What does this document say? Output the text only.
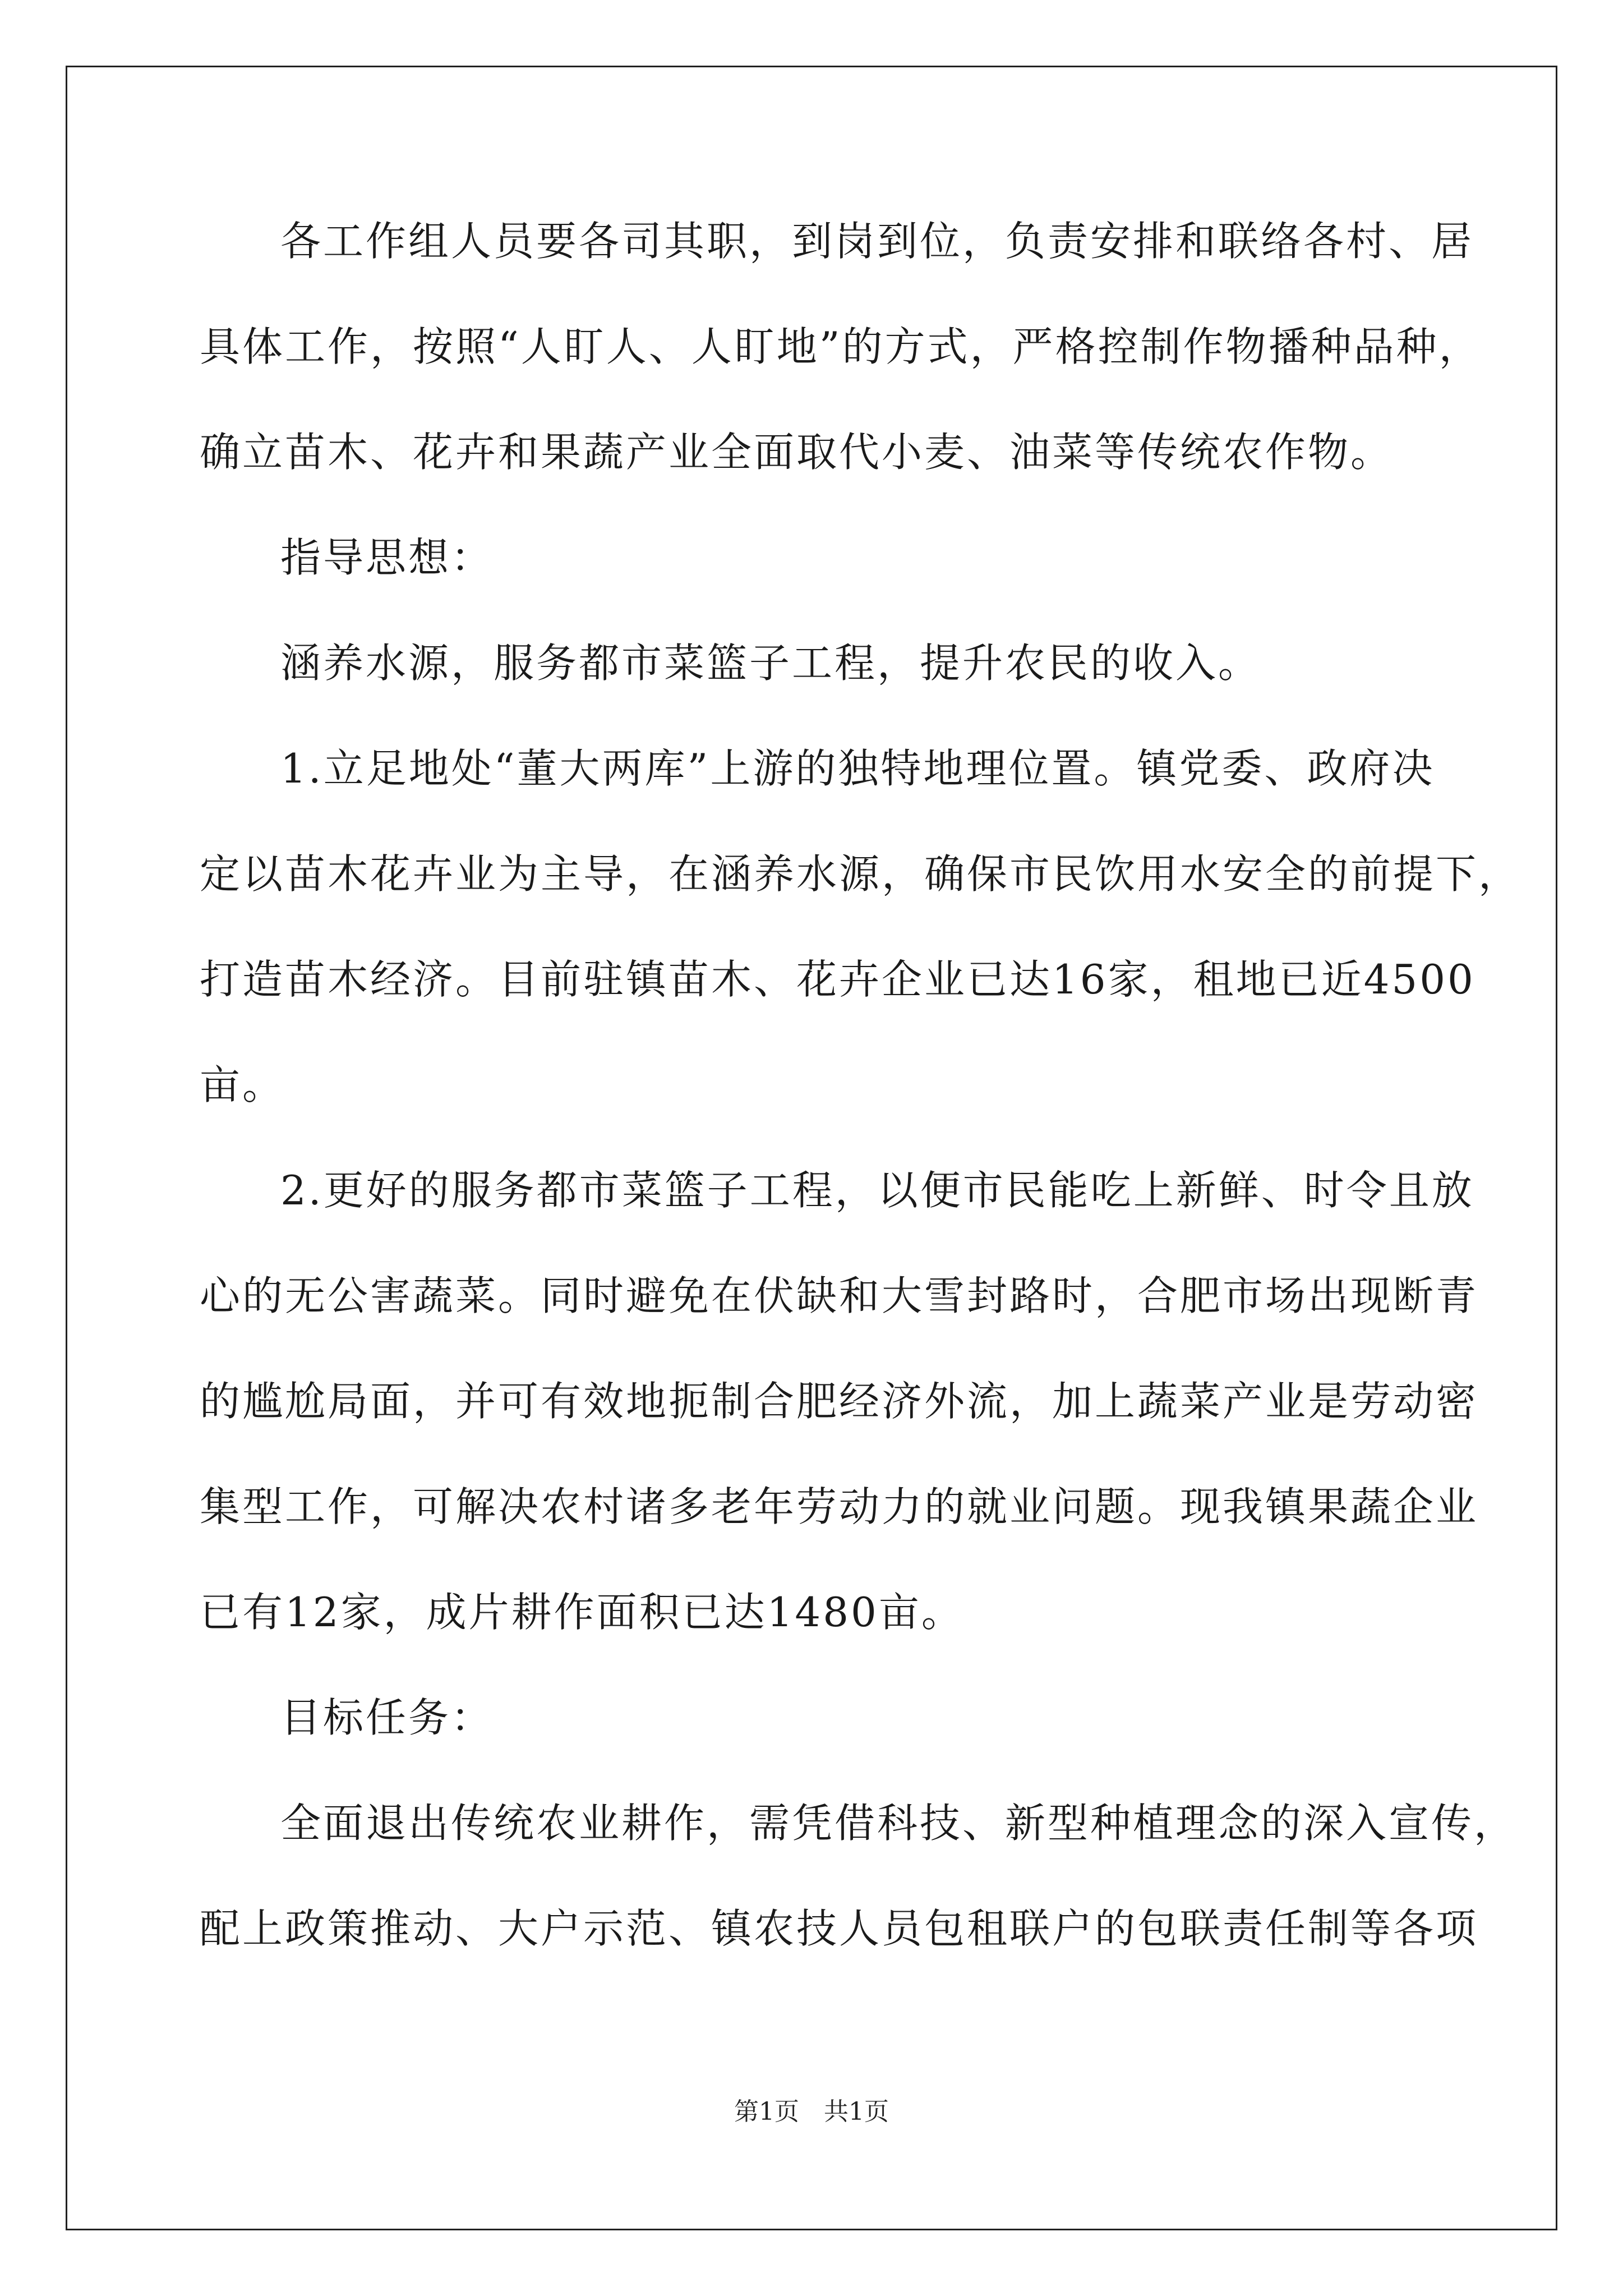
各工作组人员要各司其职，到岗到位，负责安排和联络各村、居
具体工作，按照“人盯人、人盯地”的方式，严格控制作物播种品种，
确立苗木、花卉和果蔬产业全面取代小麦、油菜等传统农作物。
指导思想：
涵养水源，服务都市菜篮子工程，提升农民的收入。
1.立足地处“董大两库”上游的独特地理位置。镇党委、政府决
定以苗木花卉业为主导，在涵养水源，确保市民饮用水安全的前提下，
打造苗木经济。目前驻镇苗木、花卉企业已达16家，租地已近4500
亩。
2.更好的服务都市菜篮子工程，以便市民能吃上新鲜、时令且放
心的无公害蔬菜。同时避免在伏缺和大雪封路时，合肥市场出现断青
的尴尬局面，并可有效地扼制合肥经济外流，加上蔬菜产业是劳动密
集型工作，可解决农村诸多老年劳动力的就业问题。现我镇果蔬企业
已有12家，成片耕作面积已达1480亩。
目标任务：
全面退出传统农业耕作，需凭借科技、新型种植理念的深入宣传，
配上政策推动、大户示范、镇农技人员包租联户的包联责任制等各项
第1页 共1页
